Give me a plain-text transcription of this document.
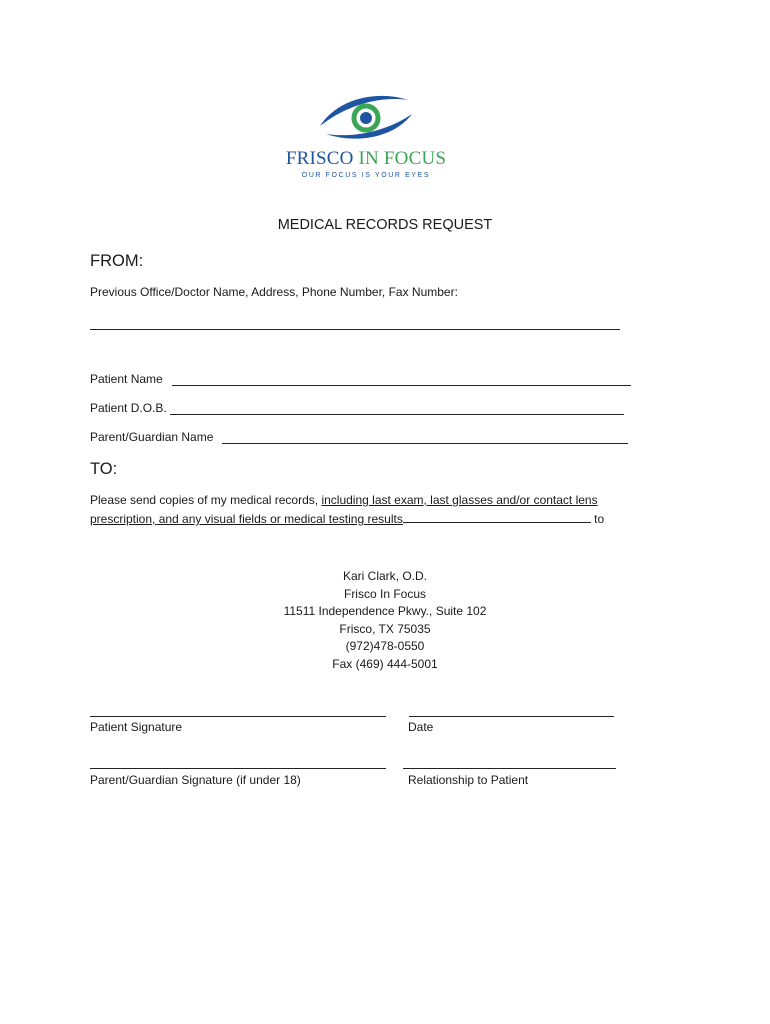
FRISCO IN FOCUS
OUR FOCUS IS YOUR EYES
MEDICAL RECORDS REQUEST
FROM:
Previous Office/Doctor Name, Address, Phone Number, Fax Number:
Patient Name
Patient D.O.B.
Parent/Guardian Name
TO:
Please send copies of my medical records, including last exam, last glasses and/or contact lens
prescription, and any visual fields or medical testing results	to
Kari Clark, O.D.
Frisco In Focus
11511 Independence Pkwy., Suite 102
Frisco, TX 75035
(972)478-0550
Fax (469) 444-5001
Patient Signature	Date
Parent/Guardian Signature (if under 18)	Relationship to Patient
